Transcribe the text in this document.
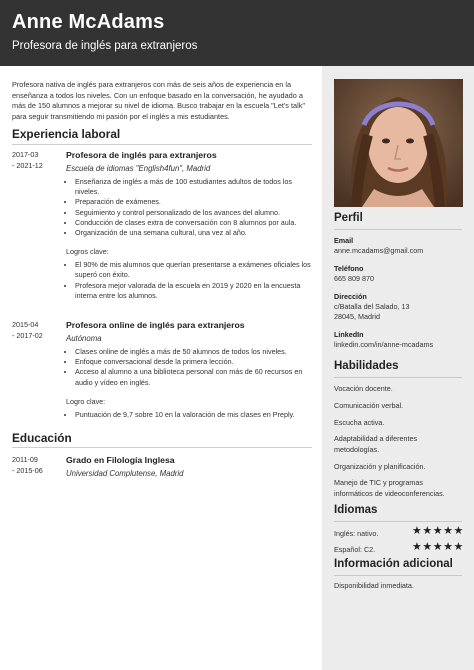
Anne McAdams
Profesora de inglés para extranjeros
Profesora nativa de inglés para extranjeros con más de seis años de experiencia en la enseñanza a todos los niveles. Con un enfoque basado en la conversación, he ayudado a más de 150 alumnos a mejorar su nivel de idioma. Busco trabajar en la escuela "Let's talk" para seguir transmitiendo mi pasión por el inglés a mis estudiantes.
Experiencia laboral
2017-03
- 2021-12
Profesora de inglés para extranjeros
Escuela de idiomas "English4fun", Madrid
• Enseñanza de inglés a más de 100 estudiantes adultos de todos los niveles.
• Preparación de exámenes.
• Seguimiento y control personalizado de los avances del alumno.
• Conducción de clases extra de conversación con 8 alumnos por aula.
• Organización de una semana cultural, una vez al año.
Logros clave:
• El 90% de mis alumnos que querían presentarse a exámenes oficiales los superó con éxito.
• Profesora mejor valorada de la escuela en 2019 y 2020 en la encuesta interna entre los alumnos.
2015-04
- 2017-02
Profesora online de inglés para extranjeros
Autónoma
• Clases online de inglés a más de 50 alumnos de todos los niveles.
• Enfoque conversacional desde la primera lección.
• Acceso al alumno a una biblioteca personal con más de 60 recursos en audio y vídeo en inglés.
Logro clave:
• Puntuación de 9,7 sobre 10 en la valoración de mis clases en Preply.
Educación
2011-09
- 2015-06
Grado en Filología Inglesa
Universidad Complutense, Madrid
Perfil
Email
anne.mcadams@gmail.com
Teléfono
665 809 870
Dirección
c/Batalla del Salado, 13
28045, Madrid
LinkedIn
linkedin.com/in/anne-mcadams
Habilidades
Vocación docente.
Comunicación verbal.
Escucha activa.
Adaptabilidad a diferentes metodologías.
Organización y planificación.
Manejo de TIC y programas informáticos de videoconferencias.
Idiomas
Inglés: nativo.	★★★★★
Español: C2.	★★★★★
Información adicional
Disponibilidad inmediata.
